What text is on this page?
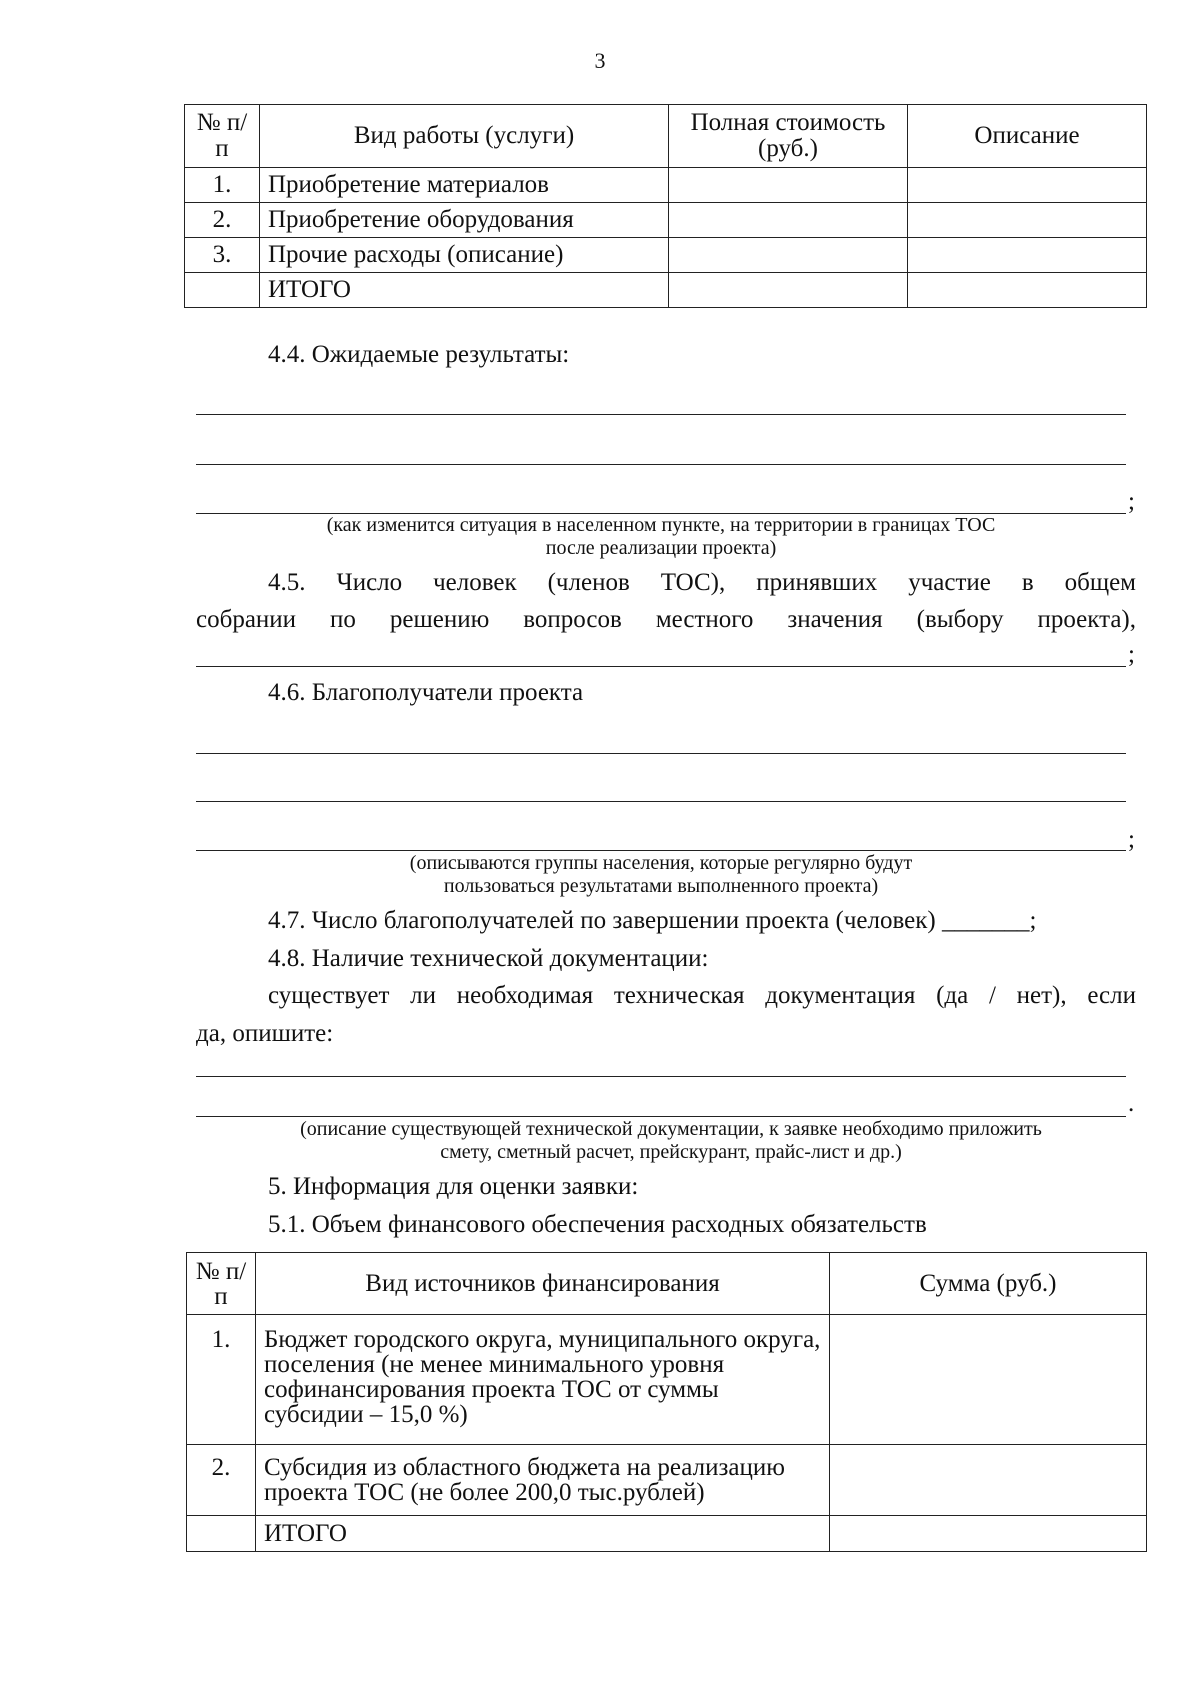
3
№ п/п	Вид работы (услуги)	Полная стоимость (руб.)	Описание
1.	Приобретение материалов		
2.	Приобретение оборудования		
3.	Прочие расходы (описание)		
	ИТОГО		
4.4. Ожидаемые результаты:
;
(как изменится ситуация в населенном пункте, на территории в границах ТОС
после реализации проекта)
4.5. Число человек (членов ТОС), принявших участие в общем
собрании по решению вопросов местного значения (выбору проекта),
;
4.6. Благополучатели проекта
;
(описываются группы населения, которые регулярно будут
пользоваться результатами выполненного проекта)
4.7. Число благополучателей по завершении проекта (человек) _______;
4.8. Наличие технической документации:
существует ли необходимая техническая документация (да / нет), если
да, опишите:
.
(описание существующей технической документации, к заявке необходимо приложить
смету, сметный расчет, прейскурант, прайс-лист и др.)
5. Информация для оценки заявки:
5.1. Объем финансового обеспечения расходных обязательств
№ п/п	Вид источников финансирования	Сумма (руб.)
1.	Бюджет городского округа, муниципального округа, поселения (не менее минимального уровня софинансирования проекта ТОС от суммы субсидии – 15,0 %)	
2.	Субсидия из областного бюджета на реализацию проекта ТОС (не более 200,0 тыс.рублей)	
	ИТОГО	
